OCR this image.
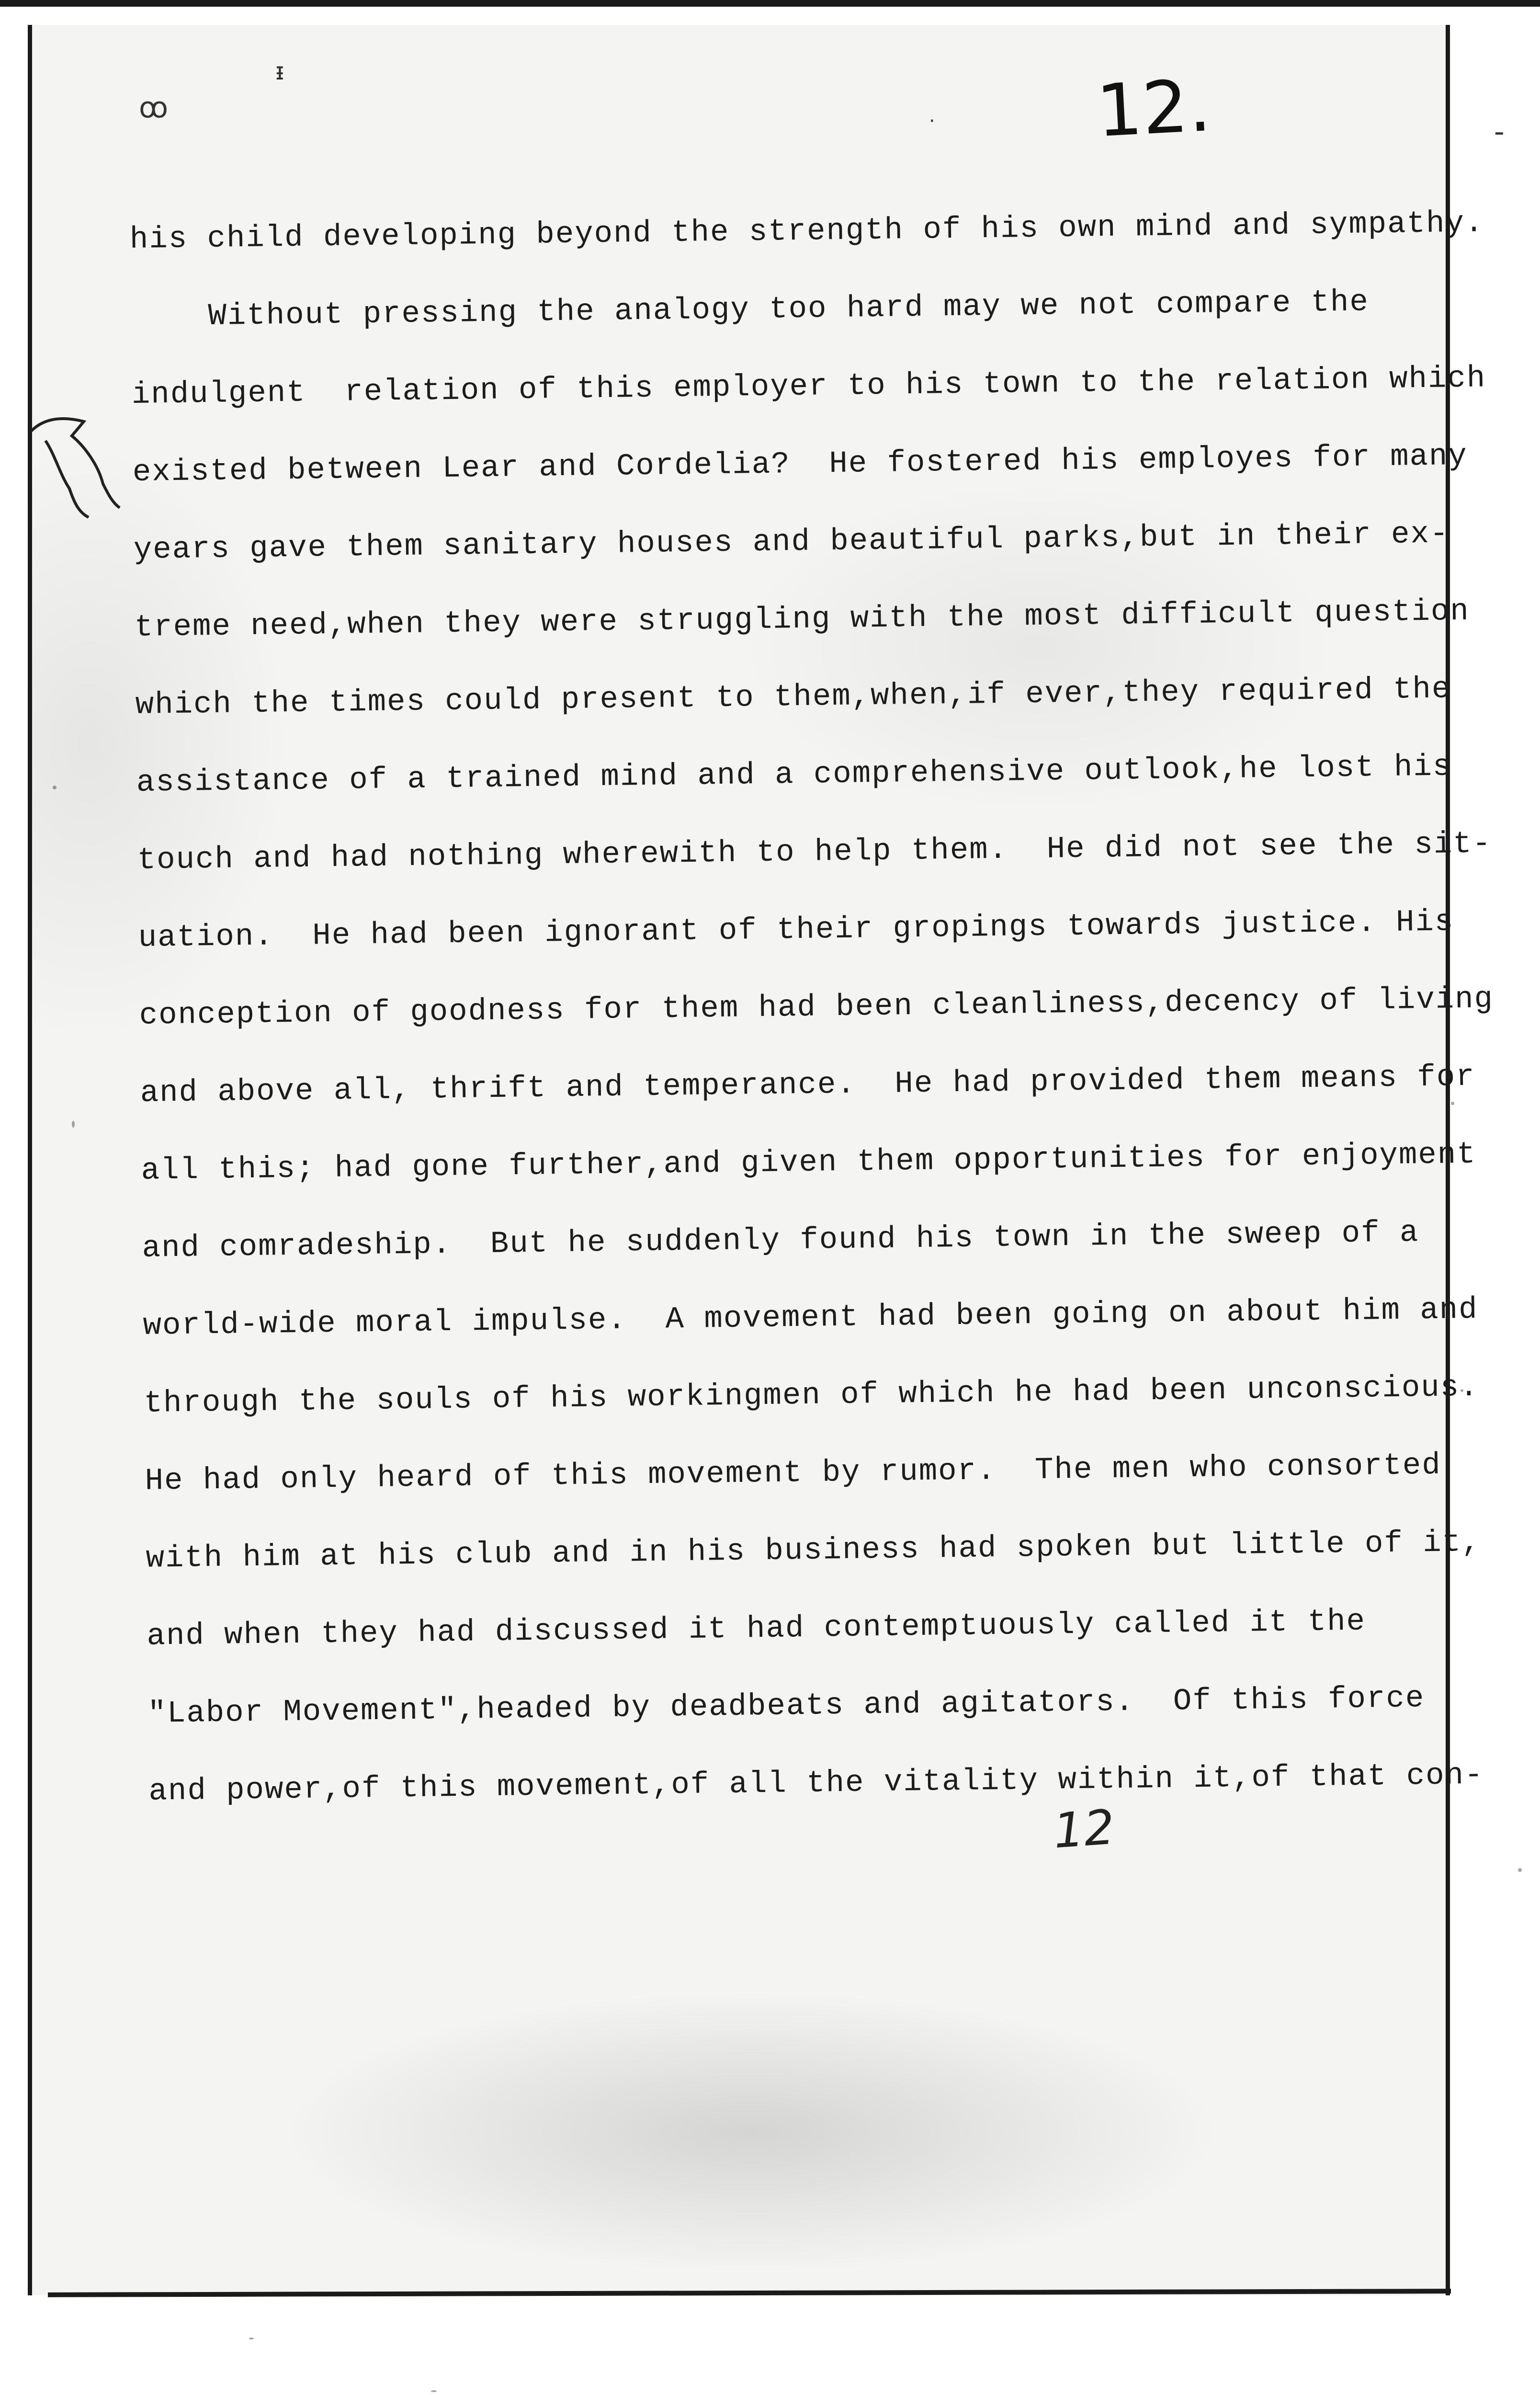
ꝏ
ᵻ
·	-
12.
his child developing beyond the strength of his own mind and sympathy.
Without pressing the analogy too hard may we not compare the
indulgent  relation of this employer to his town to the relation which
existed between Lear and Cordelia?  He fostered his employes for many
years gave them sanitary houses and beautiful parks,but in their ex-
treme need,when they were struggling with the most difficult question
which the times could present to them,when,if ever,they required the
assistance of a trained mind and a comprehensive outlook,he lost his
touch and had nothing wherewith to help them.  He did not see the sit-
uation.  He had been ignorant of their gropings towards justice. His
conception of goodness for them had been cleanliness,decency of living
and above all, thrift and temperance.  He had provided them means for
all this; had gone further,and given them opportunities for enjoyment
and comradeship.  But he suddenly found his town in the sweep of a
world-wide moral impulse.  A movement had been going on about him and
through the souls of his workingmen of which he had been unconscious.
He had only heard of this movement by rumor.  The men who consorted
with him at his club and in his business had spoken but little of it,
and when they had discussed it had contemptuously called it the
"Labor Movement",headed by deadbeats and agitators.  Of this force
and power,of this movement,of all the vitality within it,of that con-
12
